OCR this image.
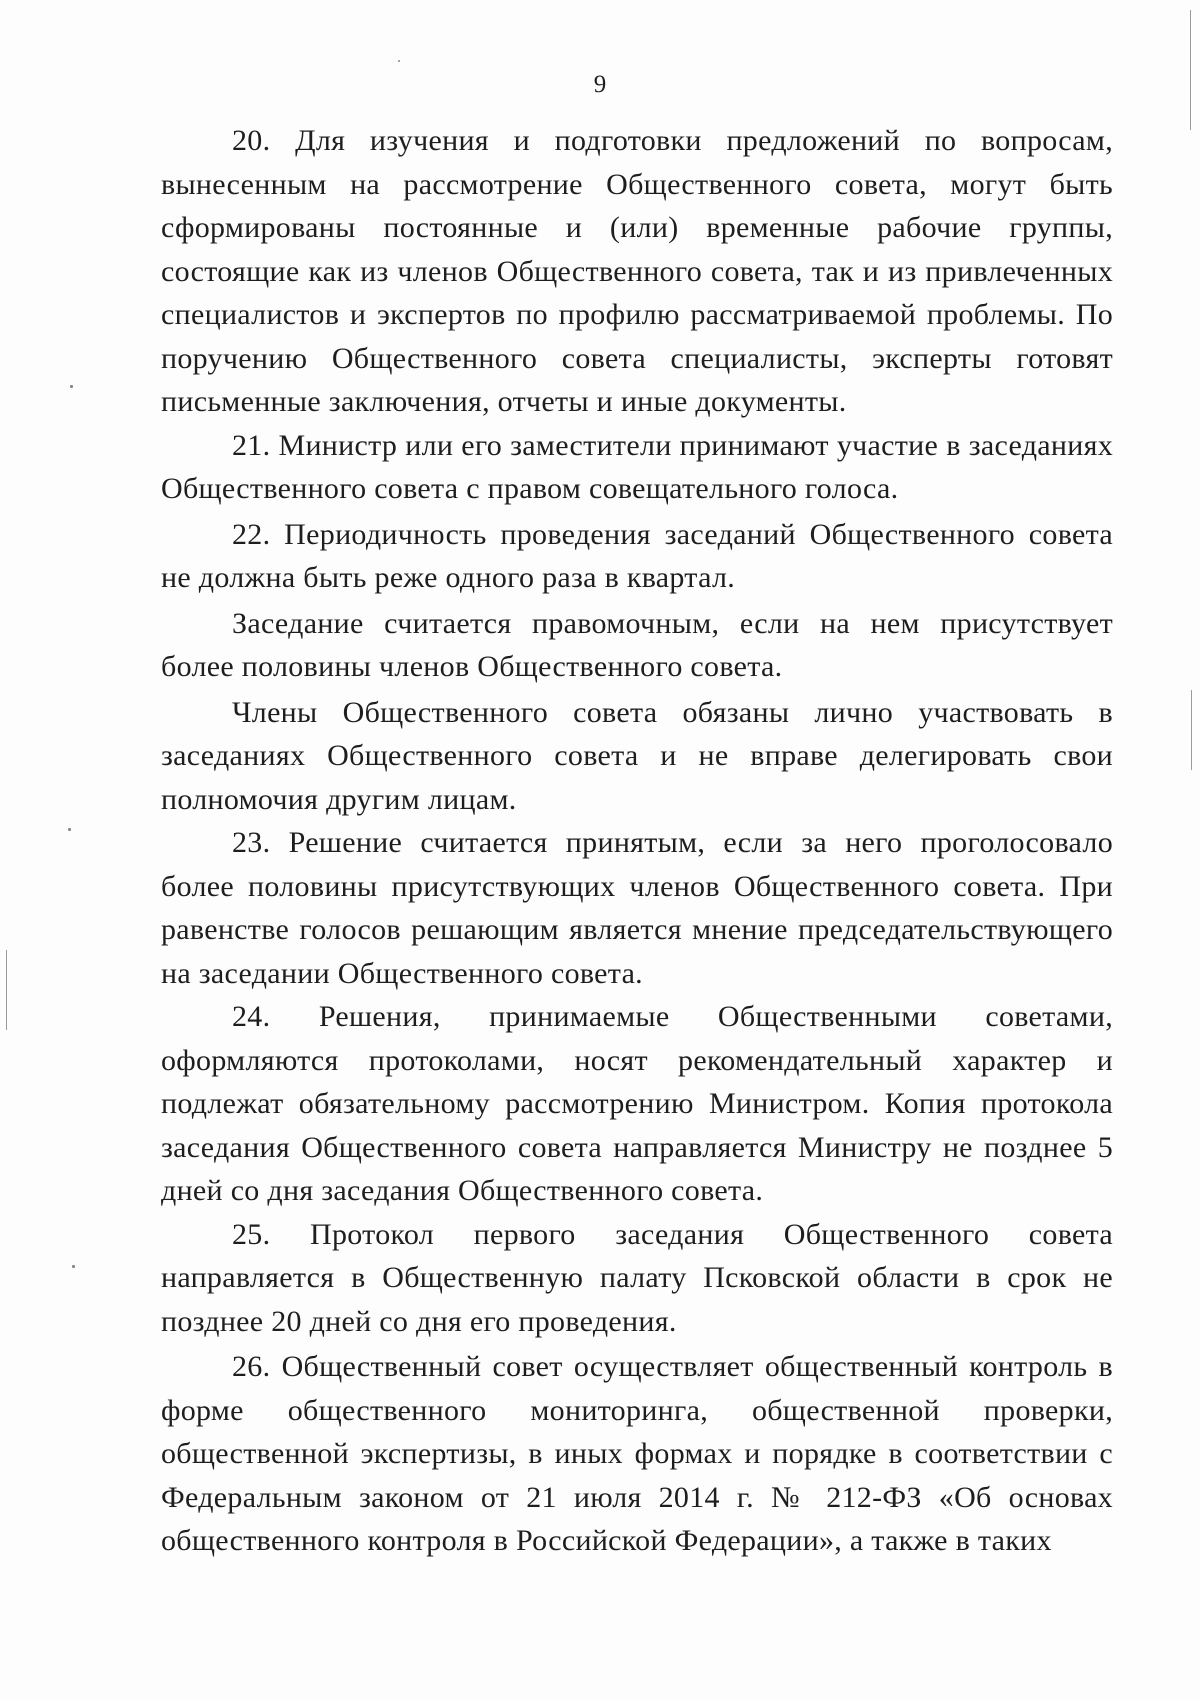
9

20. Для изучения и подготовки предложений по вопросам, вынесенным на рассмотрение Общественного совета, могут быть сформированы постоянные и (или) временные рабочие группы, состоящие как из членов Общественного совета, так и из привлеченных специалистов и экспертов по профилю рассматриваемой проблемы. По поручению Общественного совета специалисты, эксперты готовят письменные заключения, отчеты и иные документы.

21. Министр или его заместители принимают участие в заседаниях Общественного совета с правом совещательного голоса.

22. Периодичность проведения заседаний Общественного совета не должна быть реже одного раза в квартал.

Заседание считается правомочным, если на нем присутствует более половины членов Общественного совета.

Члены Общественного совета обязаны лично участвовать в заседаниях Общественного совета и не вправе делегировать свои полномочия другим лицам.

23. Решение считается принятым, если за него проголосовало более половины присутствующих членов Общественного совета. При равенстве голосов решающим является мнение председательствующего на заседании Общественного совета.

24. Решения, принимаемые Общественными советами, оформляются протоколами, носят рекомендательный характер и подлежат обязательному рассмотрению Министром. Копия протокола заседания Общественного совета направляется Министру не позднее 5 дней со дня заседания Общественного совета.

25. Протокол первого заседания Общественного совета направляется в Общественную палату Псковской области в срок не позднее 20 дней со дня его проведения.

26. Общественный совет осуществляет общественный контроль в форме общественного мониторинга, общественной проверки, общественной экспертизы, в иных формах и порядке в соответствии с Федеральным законом от 21 июля 2014 г. № 212-ФЗ «Об основах общественного контроля в Российской Федерации», а также в таких
